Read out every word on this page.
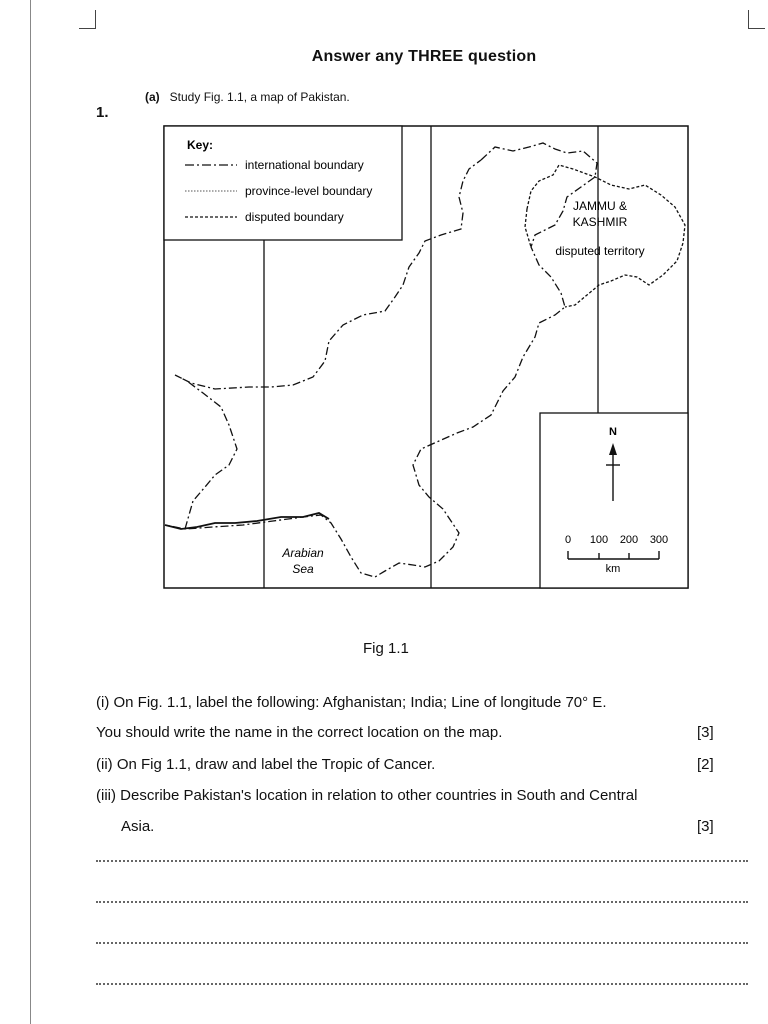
Answer any THREE question
1.
(a) Study Fig. 1.1, a map of Pakistan.
Key:
international boundary
province-level boundary
disputed boundary
JAMMU &
KASHMIR
disputed territory
Arabian
Sea
N
0 100 200 300
km
Fig 1.1
(i) On Fig. 1.1, label the following: Afghanistan; India; Line of longitude 70° E.
You should write the name in the correct location on the map.	[3]
(ii) On Fig 1.1, draw and label the Tropic of Cancer.	[2]
(iii) Describe Pakistan's location in relation to other countries in South and Central
Asia.	[3]
